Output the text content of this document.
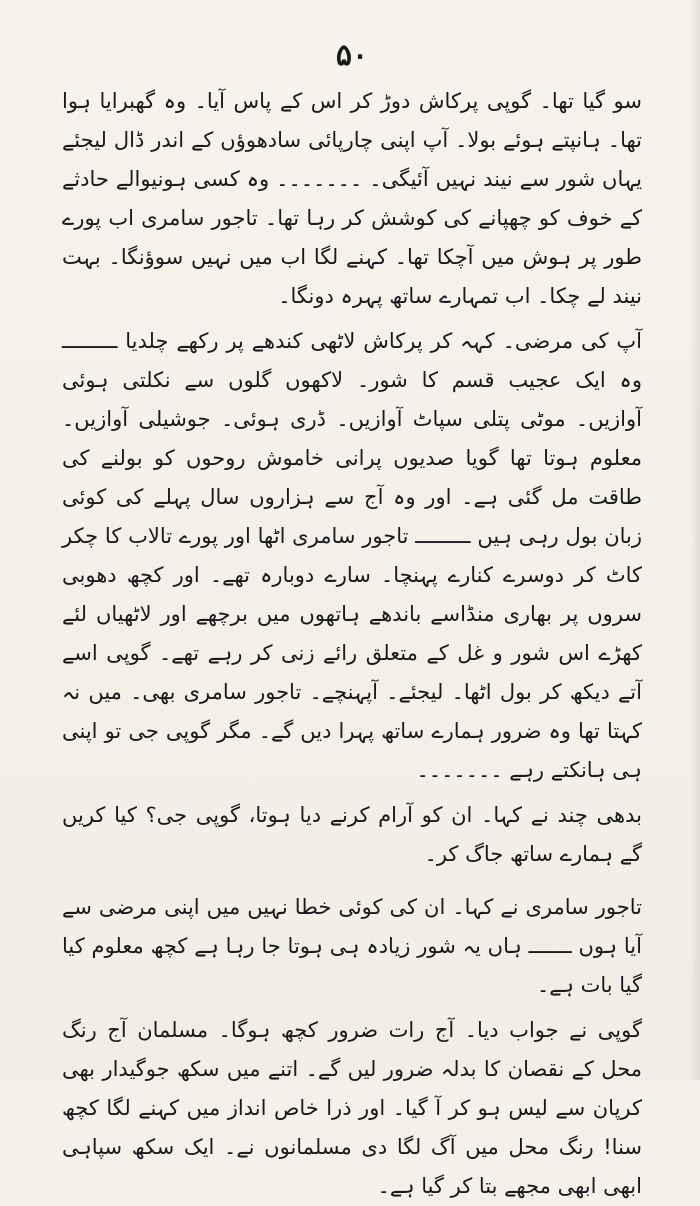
۵۰

سو گیا تھا۔ گوپی پرکاش دوڑ کر اس کے پاس آیا۔ وہ گھبرایا ہوا تھا۔ ہانپتے ہوئے بولا۔ آپ اپنی چارپائی سادھوؤں کے اندر ڈال لیجئے یہاں شور سے نیند نہیں آئیگی۔ ۔۔۔۔۔۔۔ وہ کسی ہونیوالے حادثے کے خوف کو چھپانے کی کوشش کر رہا تھا۔ تاجور سامری اب پورے طور پر ہوش میں آچکا تھا۔ کہنے لگا اب میں نہیں سوؤنگا۔ بہت نیند لے چکا۔ اب تمہارے ساتھ پہرہ دونگا۔

آپ کی مرضی۔ کہہ کر پرکاش لاٹھی کندھے پر رکھے چلدیا ـــــــــ وہ ایک عجیب قسم کا شور۔ لاکھوں گلوں سے نکلتی ہوئی آوازیں۔ موٹی پتلی سپاٹ آوازیں۔ ڈری ہوئی۔ جوشیلی آوازیں۔ معلوم ہوتا تھا گویا صدیوں پرانی خاموش روحوں کو بولنے کی طاقت مل گئی ہے۔ اور وہ آج سے ہزاروں سال پہلے کی کوئی زبان بول رہی ہیں ـــــــــ تاجور سامری اٹھا اور پورے تالاب کا چکر کاٹ کر دوسرے کنارے پہنچا۔ سارے دوبارہ تھے۔ اور کچھ دھوبی سروں پر بھاری منڈاسے باندھے ہاتھوں میں برچھے اور لاٹھیاں لئے کھڑے اس شور و غل کے متعلق رائے زنی کر رہے تھے۔ گوپی اسے آتے دیکھ کر بول اٹھا۔ لیجئے۔ آپہنچے۔ تاجور سامری بھی۔ میں نہ کہتا تھا وہ ضرور ہمارے ساتھ پہرا دیں گے۔ مگر گوپی جی تو اپنی ہی ہانکتے رہے ۔۔۔۔۔۔۔

بدھی چند نے کہا۔ ان کو آرام کرنے دیا ہوتا، گوپی جی؟ کیا کریں گے ہمارے ساتھ جاگ کر۔

تاجور سامری نے کہا۔ ان کی کوئی خطا نہیں میں اپنی مرضی سے آیا ہوں ـــــــ ہاں یہ شور زیادہ ہی ہوتا جا رہا ہے کچھ معلوم کیا گیا بات ہے۔

گوپی نے جواب دیا۔ آج رات ضرور کچھ ہوگا۔ مسلمان آج رنگ محل کے نقصان کا بدلہ ضرور لیں گے۔ اتنے میں سکھ جوگیدار بھی کرپان سے لیس ہو کر آ گیا۔ اور ذرا خاص انداز میں کہنے لگا کچھ سنا! رنگ محل میں آگ لگا دی مسلمانوں نے۔ ایک سکھ سپاہی ابھی ابھی مجھے بتا کر گیا ہے۔
